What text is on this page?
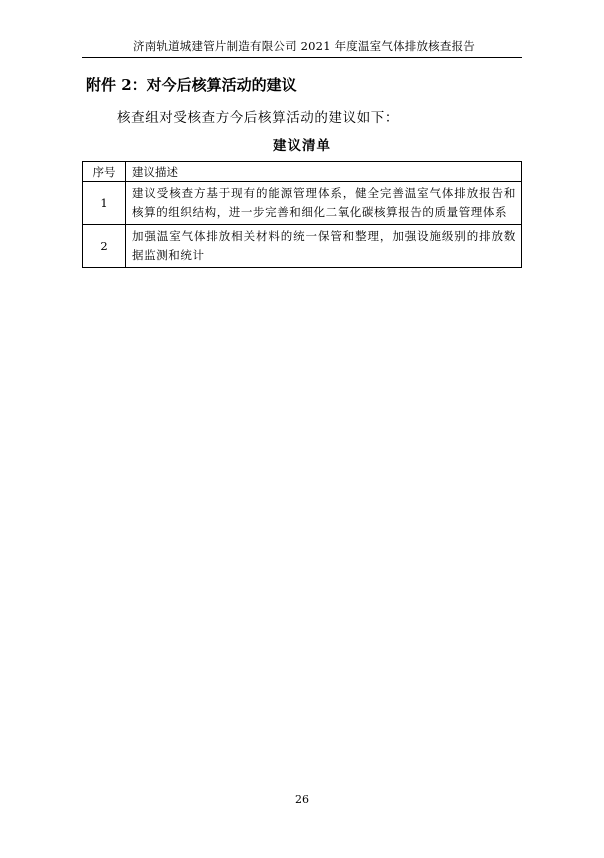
济南轨道城建管片制造有限公司 2021 年度温室气体排放核查报告
附件 2：对今后核算活动的建议
核查组对受核查方今后核算活动的建议如下：
建议清单
序号	建议描述
1	建议受核查方基于现有的能源管理体系，健全完善温室气体排放报告和核算的组织结构，进一步完善和细化二氧化碳核算报告的质量管理体系
2	加强温室气体排放相关材料的统一保管和整理，加强设施级别的排放数据监测和统计
26
